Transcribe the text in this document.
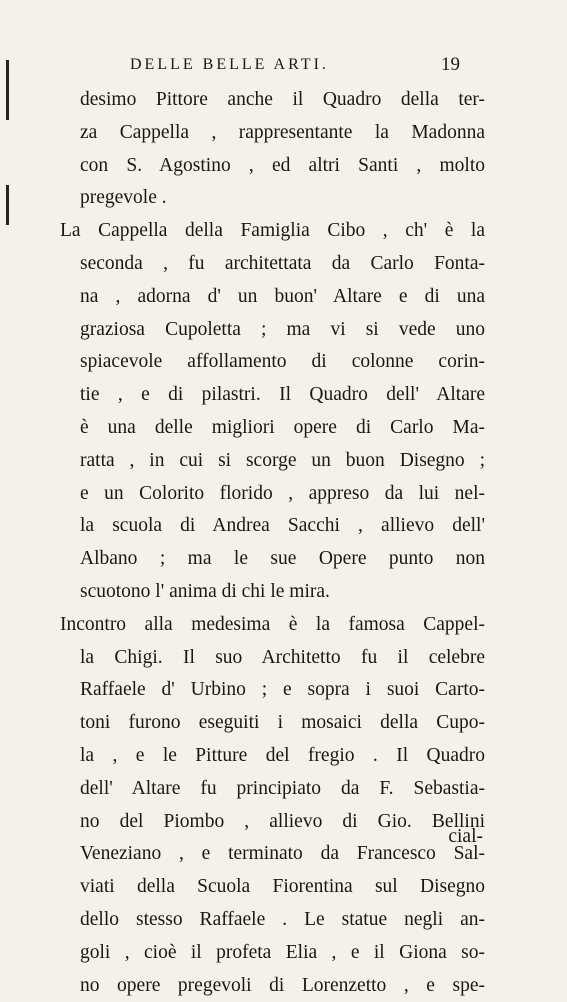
DELLE BELLE ARTI.	19
desimo Pittore anche il Quadro della ter-
za Cappella , rappresentante la Madonna
con S. Agostino , ed altri Santi , molto
pregevole .
La Cappella della Famiglia Cibo , ch' è la
seconda , fu architettata da Carlo Fonta-
na , adorna d' un buon' Altare e di una
graziosa Cupoletta ; ma vi si vede uno
spiacevole affollamento di colonne corin-
tie , e di pilastri. Il Quadro dell' Altare
è una delle migliori opere di Carlo Ma-
ratta , in cui si scorge un buon Disegno ;
e un Colorito florido , appreso da lui nel-
la scuola di Andrea Sacchi , allievo dell'
Albano ; ma le sue Opere punto non
scuotono l' anima di chi le mira.
Incontro alla medesima è la famosa Cappel-
la Chigi. Il suo Architetto fu il celebre
Raffaele d' Urbino ; e sopra i suoi Carto-
toni furono eseguiti i mosaici della Cupo-
la , e le Pitture del fregio . Il Quadro
dell' Altare fu principiato da F. Sebastia-
no del Piombo , allievo di Gio. Bellini
Veneziano , e terminato da Francesco Sal-
viati della Scuola Fiorentina sul Disegno
dello stesso Raffaele . Le statue negli an-
goli , cioè il profeta Elia , e il Giona so-
no opere pregevoli di Lorenzetto , e spe-
cial-
